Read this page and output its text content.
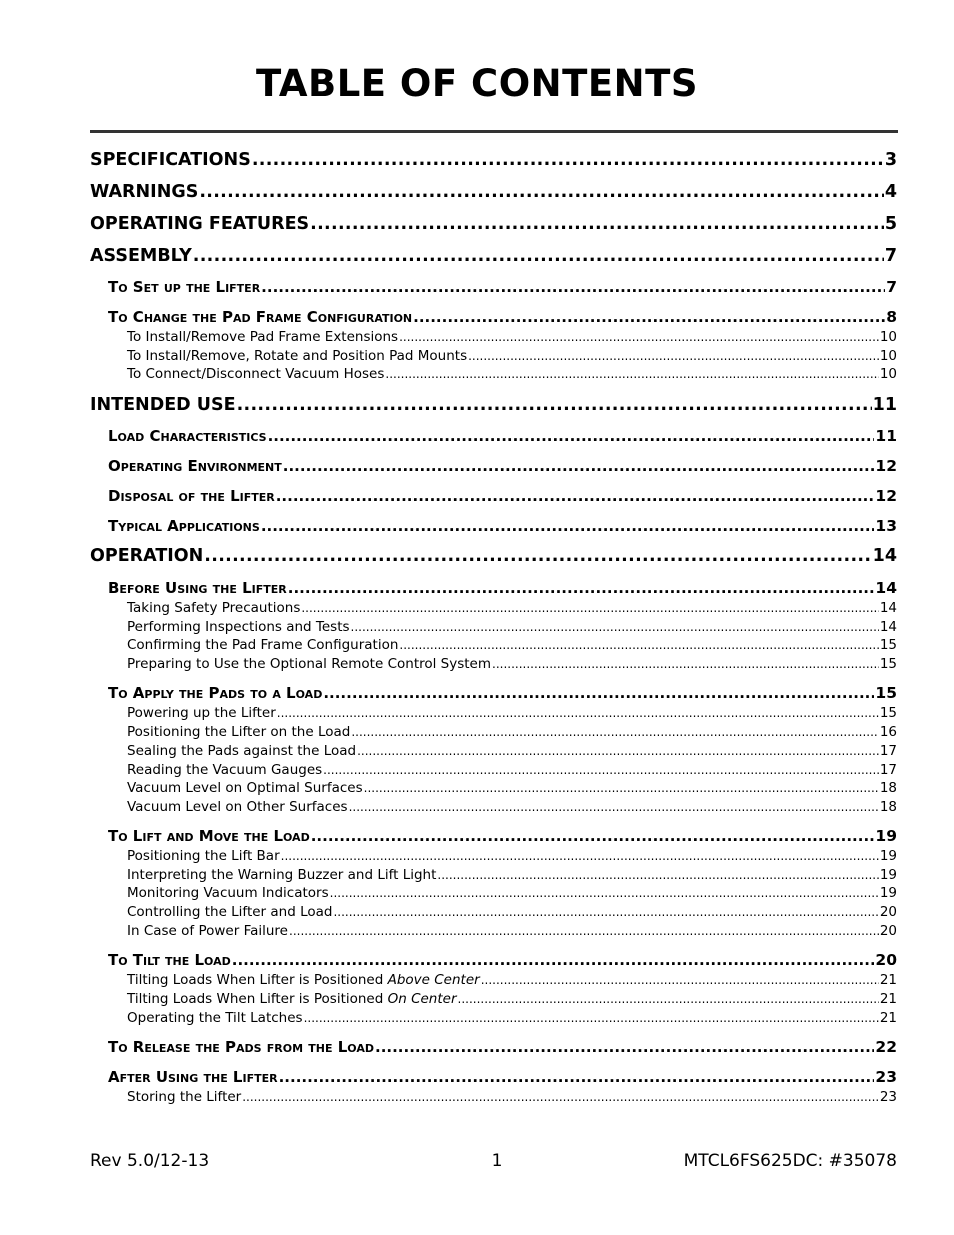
TABLE OF CONTENTS
SPECIFICATIONS .....	3
WARNINGS .....	4
OPERATING FEATURES .....	5
ASSEMBLY .....	7
To Set up the Lifter .....	7
To Change the Pad Frame Configuration .....	8
To Install/Remove Pad Frame Extensions .....	10
To Install/Remove, Rotate and Position Pad Mounts .....	10
To Connect/Disconnect Vacuum Hoses .....	10
INTENDED USE .....	11
Load Characteristics .....	11
Operating Environment .....	12
Disposal of the Lifter .....	12
Typical Applications .....	13
OPERATION .....	14
Before Using the Lifter .....	14
Taking Safety Precautions .....	14
Performing Inspections and Tests .....	14
Confirming the Pad Frame Configuration .....	15
Preparing to Use the Optional Remote Control System .....	15
To Apply the Pads to a Load .....	15
Powering up the Lifter .....	15
Positioning the Lifter on the Load .....	16
Sealing the Pads against the Load .....	17
Reading the Vacuum Gauges .....	17
Vacuum Level on Optimal Surfaces .....	18
Vacuum Level on Other Surfaces .....	18
To Lift and Move the Load .....	19
Positioning the Lift Bar .....	19
Interpreting the Warning Buzzer and Lift Light .....	19
Monitoring Vacuum Indicators .....	19
Controlling the Lifter and Load .....	20
In Case of Power Failure .....	20
To Tilt the Load .....	20
Tilting Loads When Lifter is Positioned Above Center .....	21
Tilting Loads When Lifter is Positioned On Center .....	21
Operating the Tilt Latches .....	21
To Release the Pads from the Load .....	22
After Using the Lifter .....	23
Storing the Lifter .....	23
Rev 5.0/12-13	1	MTCL6FS625DC: #35078
